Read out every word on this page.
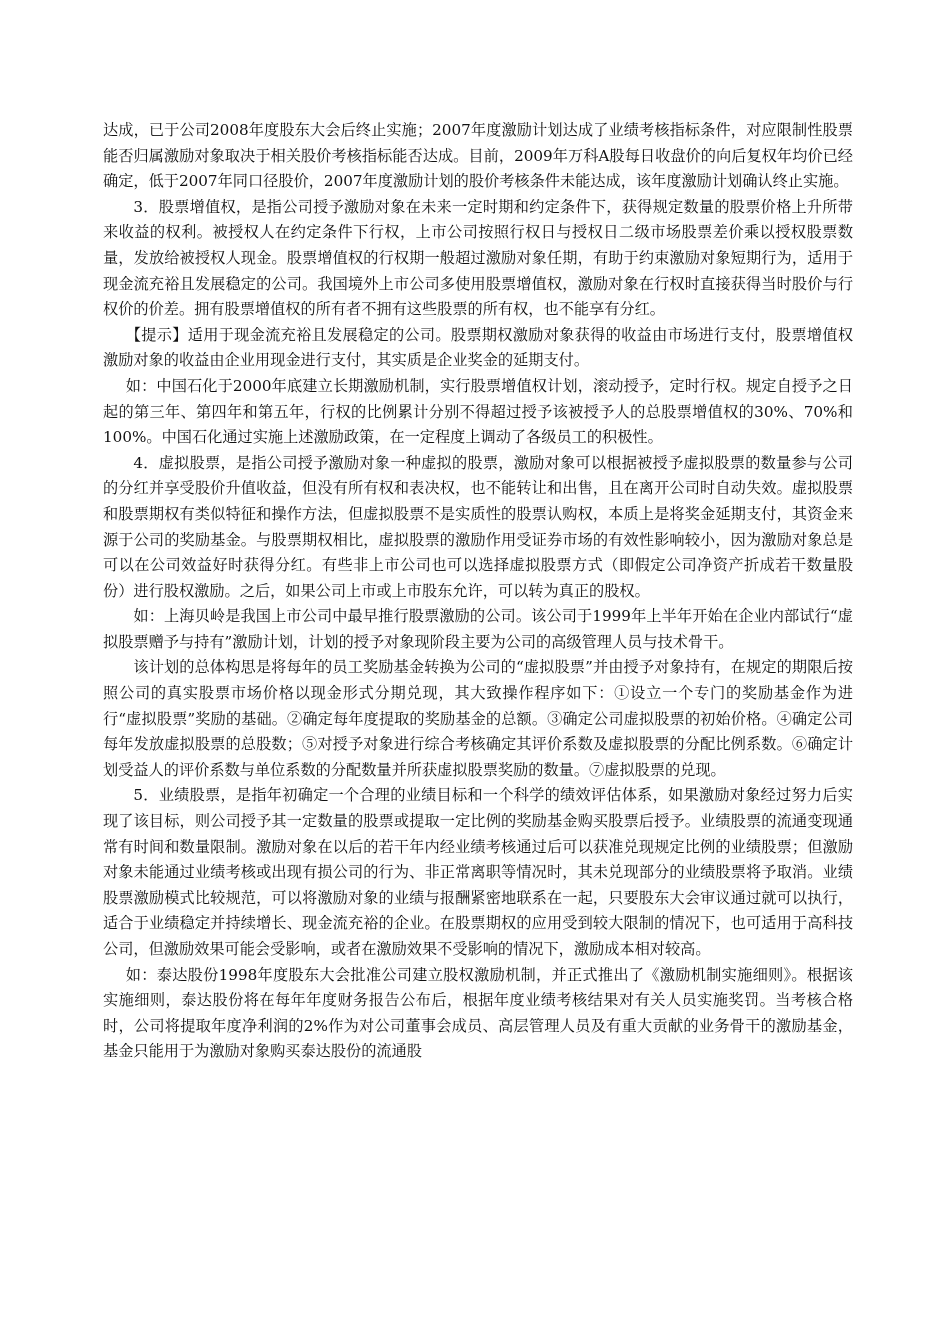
达成，已于公司2008年度股东大会后终止实施；2007年度激励计划达成了业绩考核指标条件，对应限制性股票能否归属激励对象取决于相关股价考核指标能否达成。目前，2009年万科A股每日收盘价的向后复权年均价已经确定，低于2007年同口径股价，2007年度激励计划的股价考核条件未能达成，该年度激励计划确认终止实施。

3．股票增值权，是指公司授予激励对象在未来一定时期和约定条件下，获得规定数量的股票价格上升所带来收益的权利。被授权人在约定条件下行权，上市公司按照行权日与授权日二级市场股票差价乘以授权股票数量，发放给被授权人现金。股票增值权的行权期一般超过激励对象任期，有助于约束激励对象短期行为，适用于现金流充裕且发展稳定的公司。我国境外上市公司多使用股票增值权，激励对象在行权时直接获得当时股价与行权价的价差。拥有股票增值权的所有者不拥有这些股票的所有权，也不能享有分红。

【提示】适用于现金流充裕且发展稳定的公司。股票期权激励对象获得的收益由市场进行支付，股票增值权激励对象的收益由企业用现金进行支付，其实质是企业奖金的延期支付。

如：中国石化于2000年底建立长期激励机制，实行股票增值权计划，滚动授予，定时行权。规定自授予之日起的第三年、第四年和第五年，行权的比例累计分别不得超过授予该被授予人的总股票增值权的30%、70%和100%。中国石化通过实施上述激励政策，在一定程度上调动了各级员工的积极性。

4．虚拟股票，是指公司授予激励对象一种虚拟的股票，激励对象可以根据被授予虚拟股票的数量参与公司的分红并享受股价升值收益，但没有所有权和表决权，也不能转让和出售，且在离开公司时自动失效。虚拟股票和股票期权有类似特征和操作方法，但虚拟股票不是实质性的股票认购权，本质上是将奖金延期支付，其资金来源于公司的奖励基金。与股票期权相比，虚拟股票的激励作用受证券市场的有效性影响较小，因为激励对象总是可以在公司效益好时获得分红。有些非上市公司也可以选择虚拟股票方式（即假定公司净资产折成若干数量股份）进行股权激励。之后，如果公司上市或上市股东允许，可以转为真正的股权。

如：上海贝岭是我国上市公司中最早推行股票激励的公司。该公司于1999年上半年开始在企业内部试行“虚拟股票赠予与持有”激励计划，计划的授予对象现阶段主要为公司的高级管理人员与技术骨干。

该计划的总体构思是将每年的员工奖励基金转换为公司的“虚拟股票”并由授予对象持有，在规定的期限后按照公司的真实股票市场价格以现金形式分期兑现，其大致操作程序如下：①设立一个专门的奖励基金作为进行“虚拟股票”奖励的基础。②确定每年度提取的奖励基金的总额。③确定公司虚拟股票的初始价格。④确定公司每年发放虚拟股票的总股数；⑤对授予对象进行综合考核确定其评价系数及虚拟股票的分配比例系数。⑥确定计划受益人的评价系数与单位系数的分配数量并所获虚拟股票奖励的数量。⑦虚拟股票的兑现。

5．业绩股票，是指年初确定一个合理的业绩目标和一个科学的绩效评估体系，如果激励对象经过努力后实现了该目标，则公司授予其一定数量的股票或提取一定比例的奖励基金购买股票后授予。业绩股票的流通变现通常有时间和数量限制。激励对象在以后的若干年内经业绩考核通过后可以获准兑现规定比例的业绩股票；但激励对象未能通过业绩考核或出现有损公司的行为、非正常离职等情况时，其未兑现部分的业绩股票将予取消。业绩股票激励模式比较规范，可以将激励对象的业绩与报酬紧密地联系在一起，只要股东大会审议通过就可以执行，适合于业绩稳定并持续增长、现金流充裕的企业。在股票期权的应用受到较大限制的情况下，也可适用于高科技公司，但激励效果可能会受影响，或者在激励效果不受影响的情况下，激励成本相对较高。

如：泰达股份1998年度股东大会批准公司建立股权激励机制，并正式推出了《激励机制实施细则》。根据该实施细则，泰达股份将在每年年度财务报告公布后，根据年度业绩考核结果对有关人员实施奖罚。当考核合格时，公司将提取年度净利润的2%作为对公司董事会成员、高层管理人员及有重大贡献的业务骨干的激励基金，基金只能用于为激励对象购买泰达股份的流通股
